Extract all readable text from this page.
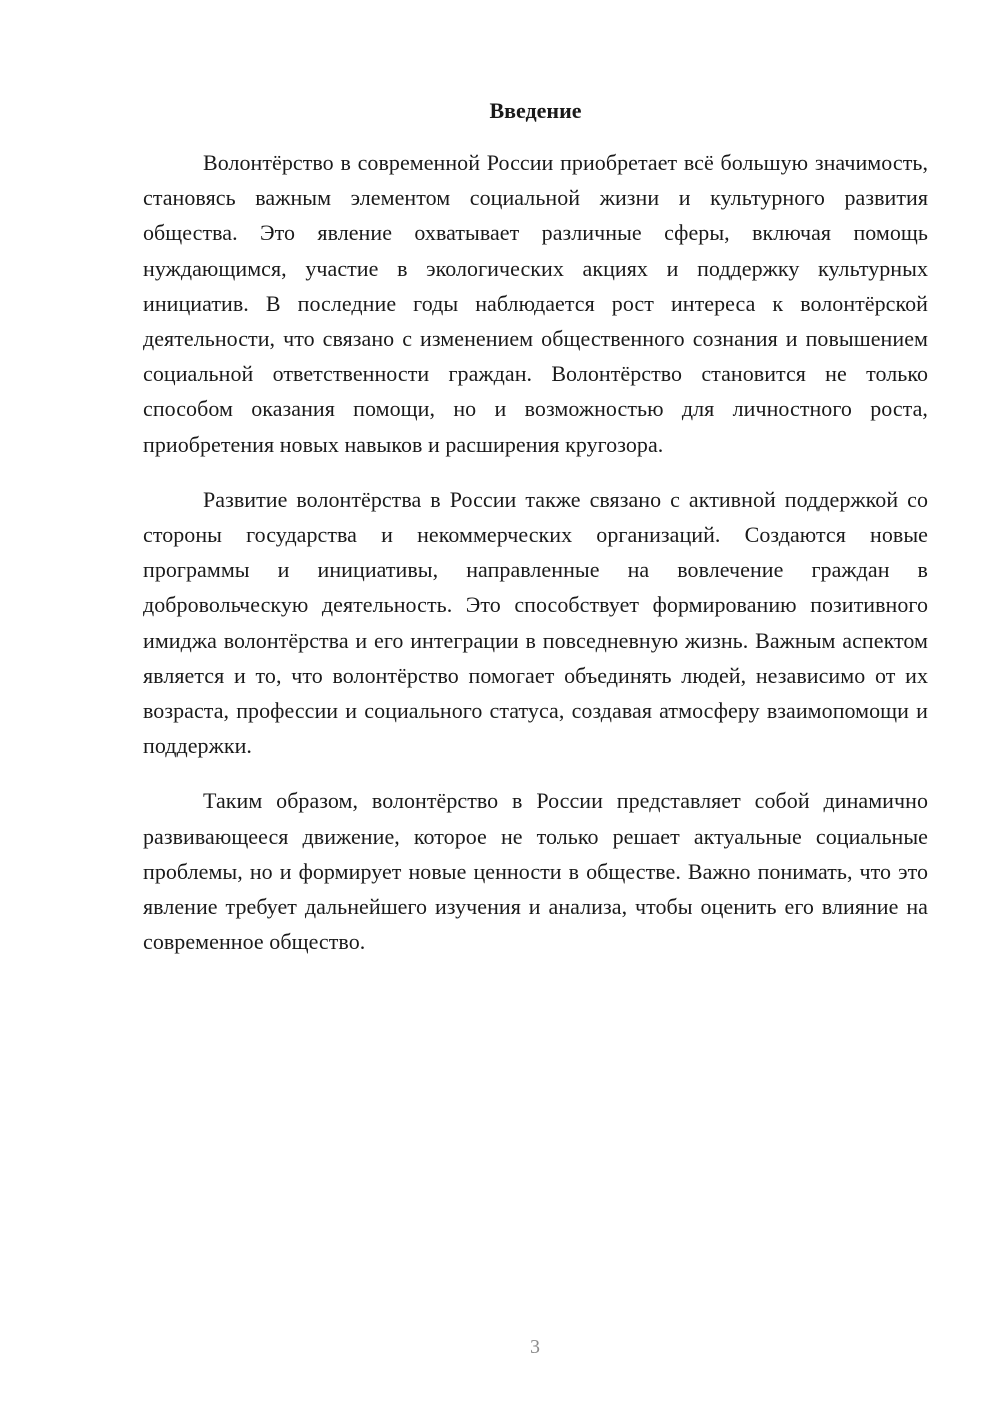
Введение

Волонтёрство в современной России приобретает всё большую значимость, становясь важным элементом социальной жизни и культурного развития общества. Это явление охватывает различные сферы, включая помощь нуждающимся, участие в экологических акциях и поддержку культурных инициатив. В последние годы наблюдается рост интереса к волонтёрской деятельности, что связано с изменением общественного сознания и повышением социальной ответственности граждан. Волонтёрство становится не только способом оказания помощи, но и возможностью для личностного роста, приобретения новых навыков и расширения кругозора.

Развитие волонтёрства в России также связано с активной поддержкой со стороны государства и некоммерческих организаций. Создаются новые программы и инициативы, направленные на вовлечение граждан в добровольческую деятельность. Это способствует формированию позитивного имиджа волонтёрства и его интеграции в повседневную жизнь. Важным аспектом является и то, что волонтёрство помогает объединять людей, независимо от их возраста, профессии и социального статуса, создавая атмосферу взаимопомощи и поддержки.

Таким образом, волонтёрство в России представляет собой динамично развивающееся движение, которое не только решает актуальные социальные проблемы, но и формирует новые ценности в обществе. Важно понимать, что это явление требует дальнейшего изучения и анализа, чтобы оценить его влияние на современное общество.

3
